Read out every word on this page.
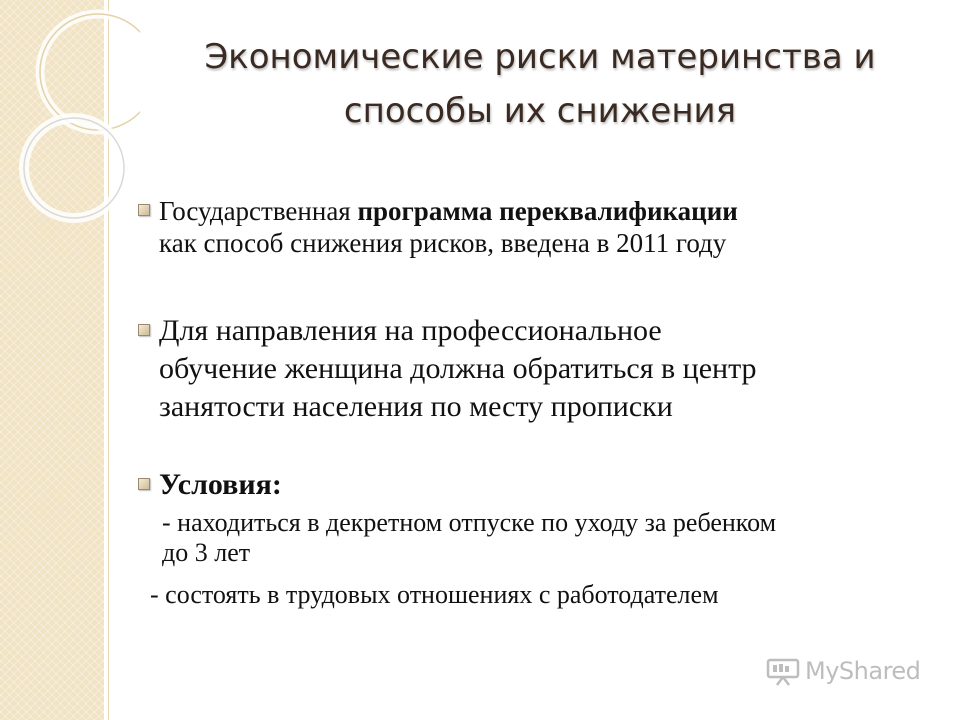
Экономические риски материнства и
способы их снижения
Государственная программа переквалификации
как способ снижения рисков, введена в 2011 году
Для направления на профессиональное
обучение женщина должна обратиться в центр
занятости населения по месту прописки
Условия:
- находиться в декретном отпуске по уходу за ребенком
до 3 лет
- состоять в трудовых отношениях с работодателем
MyShared
